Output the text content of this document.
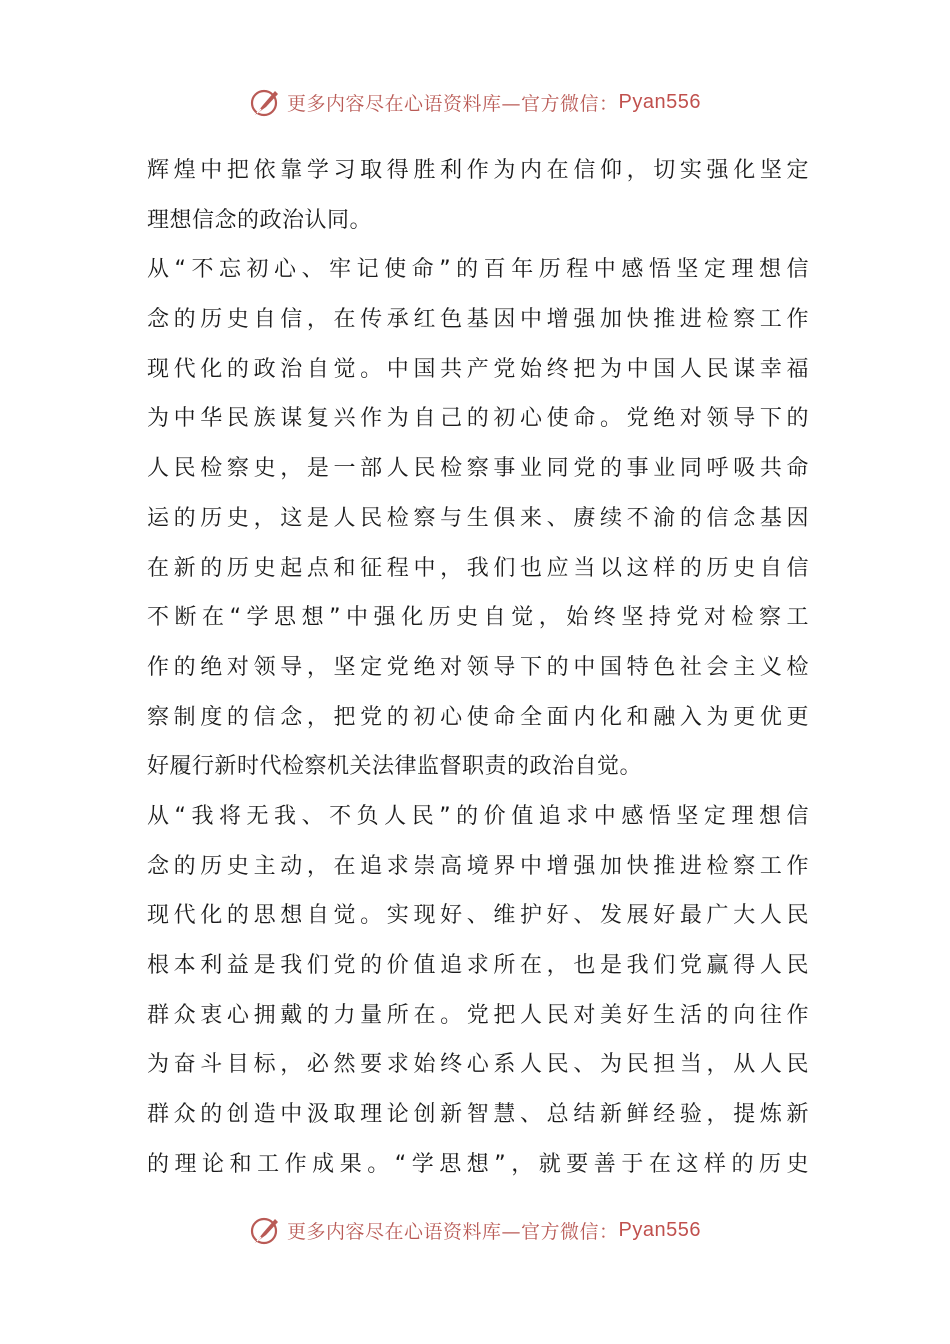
更多内容尽在心语资料库—官方微信： Pyan556
辉煌中把依靠学习取得胜利作为内在信仰，切实强化坚定
理想信念的政治认同。
从“不忘初心、牢记使命”的百年历程中感悟坚定理想信
念的历史自信，在传承红色基因中增强加快推进检察工作
现代化的政治自觉。中国共产党始终把为中国人民谋幸福
为中华民族谋复兴作为自己的初心使命。党绝对领导下的
人民检察史，是一部人民检察事业同党的事业同呼吸共命
运的历史，这是人民检察与生俱来、赓续不渝的信念基因
在新的历史起点和征程中，我们也应当以这样的历史自信
不断在“学思想”中强化历史自觉，始终坚持党对检察工
作的绝对领导，坚定党绝对领导下的中国特色社会主义检
察制度的信念，把党的初心使命全面内化和融入为更优更
好履行新时代检察机关法律监督职责的政治自觉。
从“我将无我、不负人民”的价值追求中感悟坚定理想信
念的历史主动，在追求崇高境界中增强加快推进检察工作
现代化的思想自觉。实现好、维护好、发展好最广大人民
根本利益是我们党的价值追求所在，也是我们党赢得人民
群众衷心拥戴的力量所在。党把人民对美好生活的向往作
为奋斗目标，必然要求始终心系人民、为民担当，从人民
群众的创造中汲取理论创新智慧、总结新鲜经验，提炼新
的理论和工作成果。“学思想”，就要善于在这样的历史
更多内容尽在心语资料库—官方微信： Pyan556
